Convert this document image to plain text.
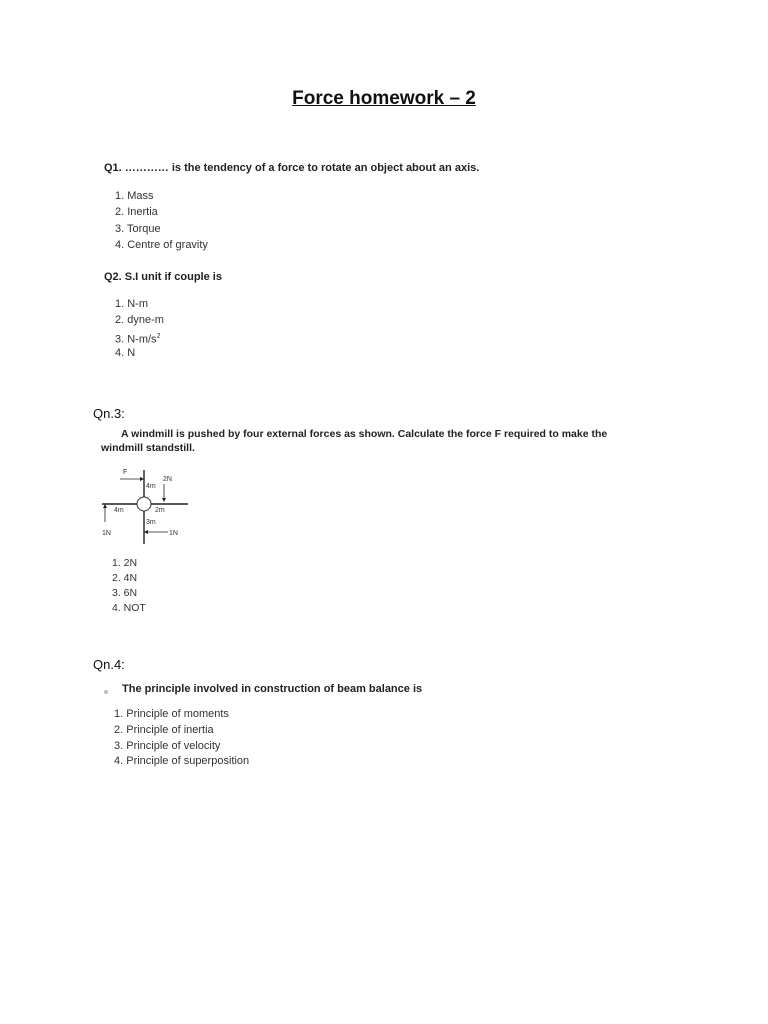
Force homework – 2
Q1. ………… is the tendency of a force to rotate an object about an axis.
1. Mass
2. Inertia
3. Torque
4. Centre of gravity
Q2. S.I unit if couple is
1. N-m
2. dyne-m
3. $N-m/s^2$
4. N
Qn.3:
A windmill is pushed by four external forces as shown. Calculate the force F required to make the
windmill standstill.
F
4m
2N
2m
4m
1N
3m
1N
1. 2N
2. 4N
3. 6N
4. NOT
Qn.4:
The principle involved in construction of beam balance is
1. Principle of moments
2. Principle of inertia
3. Principle of velocity
4. Principle of superposition
